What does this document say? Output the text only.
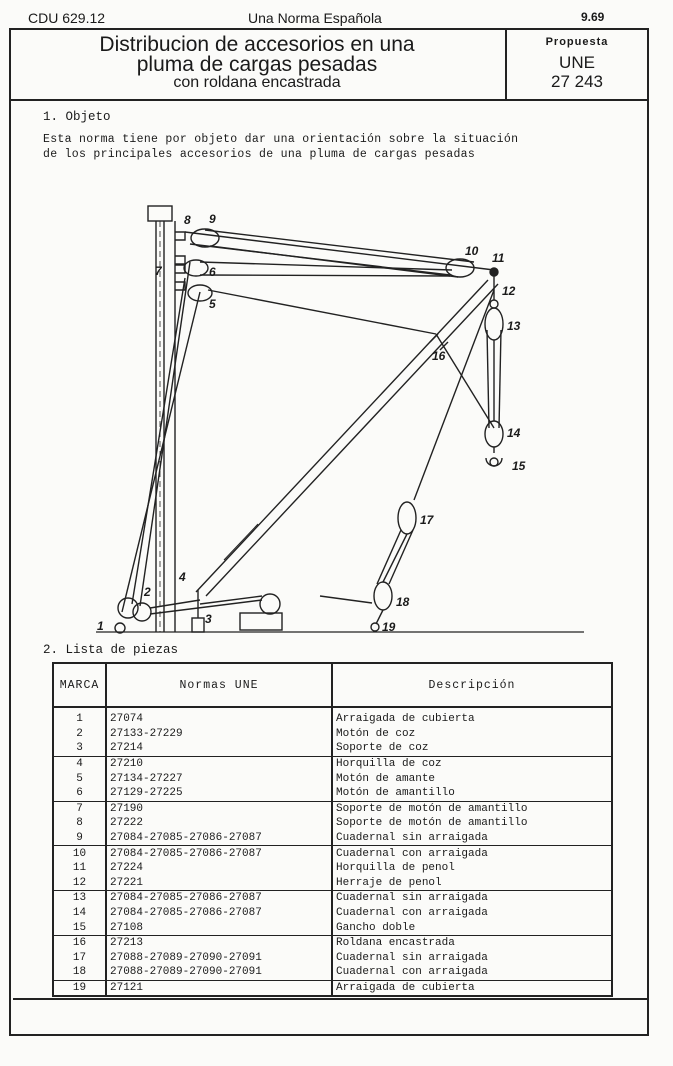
CDU 629.12	Una Norma Española	9.69
Distribucion de accesorios en una
pluma de cargas pesadas
con roldana encastrada
Propuesta
UNE
27 243
1. Objeto
Esta norma tiene por objeto dar una orientación sobre la situación
de los principales accesorios de una pluma de cargas pesadas
1
2
3
4
5
6
7
8 9
10 11
12
13
14
15
16
17
18
19
2. Lista de piezas
MARCA	Normas UNE	Descripción
1	27074	Arraigada de cubierta
2	27133-27229	Motón de coz
3	27214	Soporte de coz
4	27210	Horquilla de coz
5	27134-27227	Motón de amante
6	27129-27225	Motón de amantillo
7	27190	Soporte de motón de amantillo
8	27222	Soporte de motón de amantillo
9	27084-27085-27086-27087	Cuadernal sin arraigada
10	27084-27085-27086-27087	Cuadernal con arraigada
11	27224	Horquilla de penol
12	27221	Herraje de penol
13	27084-27085-27086-27087	Cuadernal sin arraigada
14	27084-27085-27086-27087	Cuadernal con arraigada
15	27108	Gancho doble
16	27213	Roldana encastrada
17	27088-27089-27090-27091	Cuadernal sin arraigada
18	27088-27089-27090-27091	Cuadernal con arraigada
19	27121	Arraigada de cubierta
